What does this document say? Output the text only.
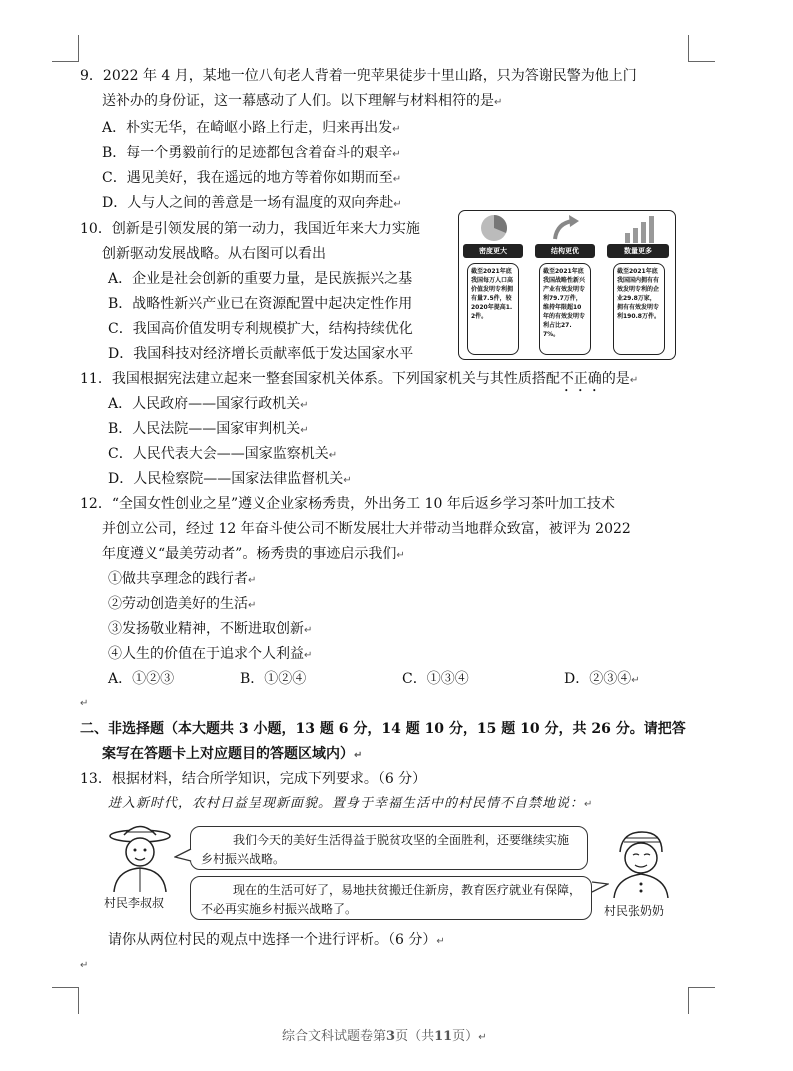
9．2022 年 4 月，某地一位八旬老人背着一兜苹果徒步十里山路，只为答谢民警为他上门
送补办的身份证，这一幕感动了人们。以下理解与材料相符的是↵
A．朴实无华，在崎岖小路上行走，归来再出发↵
B．每一个勇毅前行的足迹都包含着奋斗的艰辛↵
C．遇见美好，我在遥远的地方等着你如期而至↵
D．人与人之间的善意是一场有温度的双向奔赴↵
10．创新是引领发展的第一动力，我国近年来大力实施
创新驱动发展战略。从右图可以看出
A．企业是社会创新的重要力量，是民族振兴之基
B．战略性新兴产业已在资源配置中起决定性作用
C．我国高价值发明专利规模扩大，结构持续优化
D．我国科技对经济增长贡献率低于发达国家水平
密度更大	结构更优	数量更多
截至2021年底我国每万人口高价值发明专利拥有量7.5件，较2020年提高1.2件。
截至2021年底我国战略性新兴产业有效发明专利79.7万件，维持年限超10年的有效发明专利占比27.7%。
截至2021年底我国国内拥有有效发明专利的企业29.8万家，拥有有效发明专利190.8万件。
11．我国根据宪法建立起来一整套国家机关体系。下列国家机关与其性质搭配不正确的是↵
A．人民政府——国家行政机关↵
B．人民法院——国家审判机关↵
C．人民代表大会——国家监察机关↵
D．人民检察院——国家法律监督机关↵
12．“全国女性创业之星”遵义企业家杨秀贵，外出务工 10 年后返乡学习茶叶加工技术
并创立公司，经过 12 年奋斗使公司不断发展壮大并带动当地群众致富，被评为 2022
年度遵义“最美劳动者”。杨秀贵的事迹启示我们↵
①做共享理念的践行者↵
②劳动创造美好的生活↵
③发扬敬业精神，不断进取创新↵
④人生的价值在于追求个人利益↵
A．①②③	B．①②④	C．①③④	D．②③④↵
↵
二、非选择题（本大题共 3 小题，13 题 6 分，14 题 10 分，15 题 10 分，共 26 分。请把答
案写在答题卡上对应题目的答题区域内）↵
13．根据材料，结合所学知识，完成下列要求。（6 分）
进入新时代，农村日益呈现新面貌。置身于幸福生活中的村民情不自禁地说：↵
村民李叔叔
我们今天的美好生活得益于脱贫攻坚的全面胜利，还要继续实施乡村振兴战略。
现在的生活可好了，易地扶贫搬迁住新房，教育医疗就业有保障，不必再实施乡村振兴战略了。	村民张奶奶
请你从两位村民的观点中选择一个进行评析。（6 分）↵
↵
综合文科试题卷第3页（共11页）↵
